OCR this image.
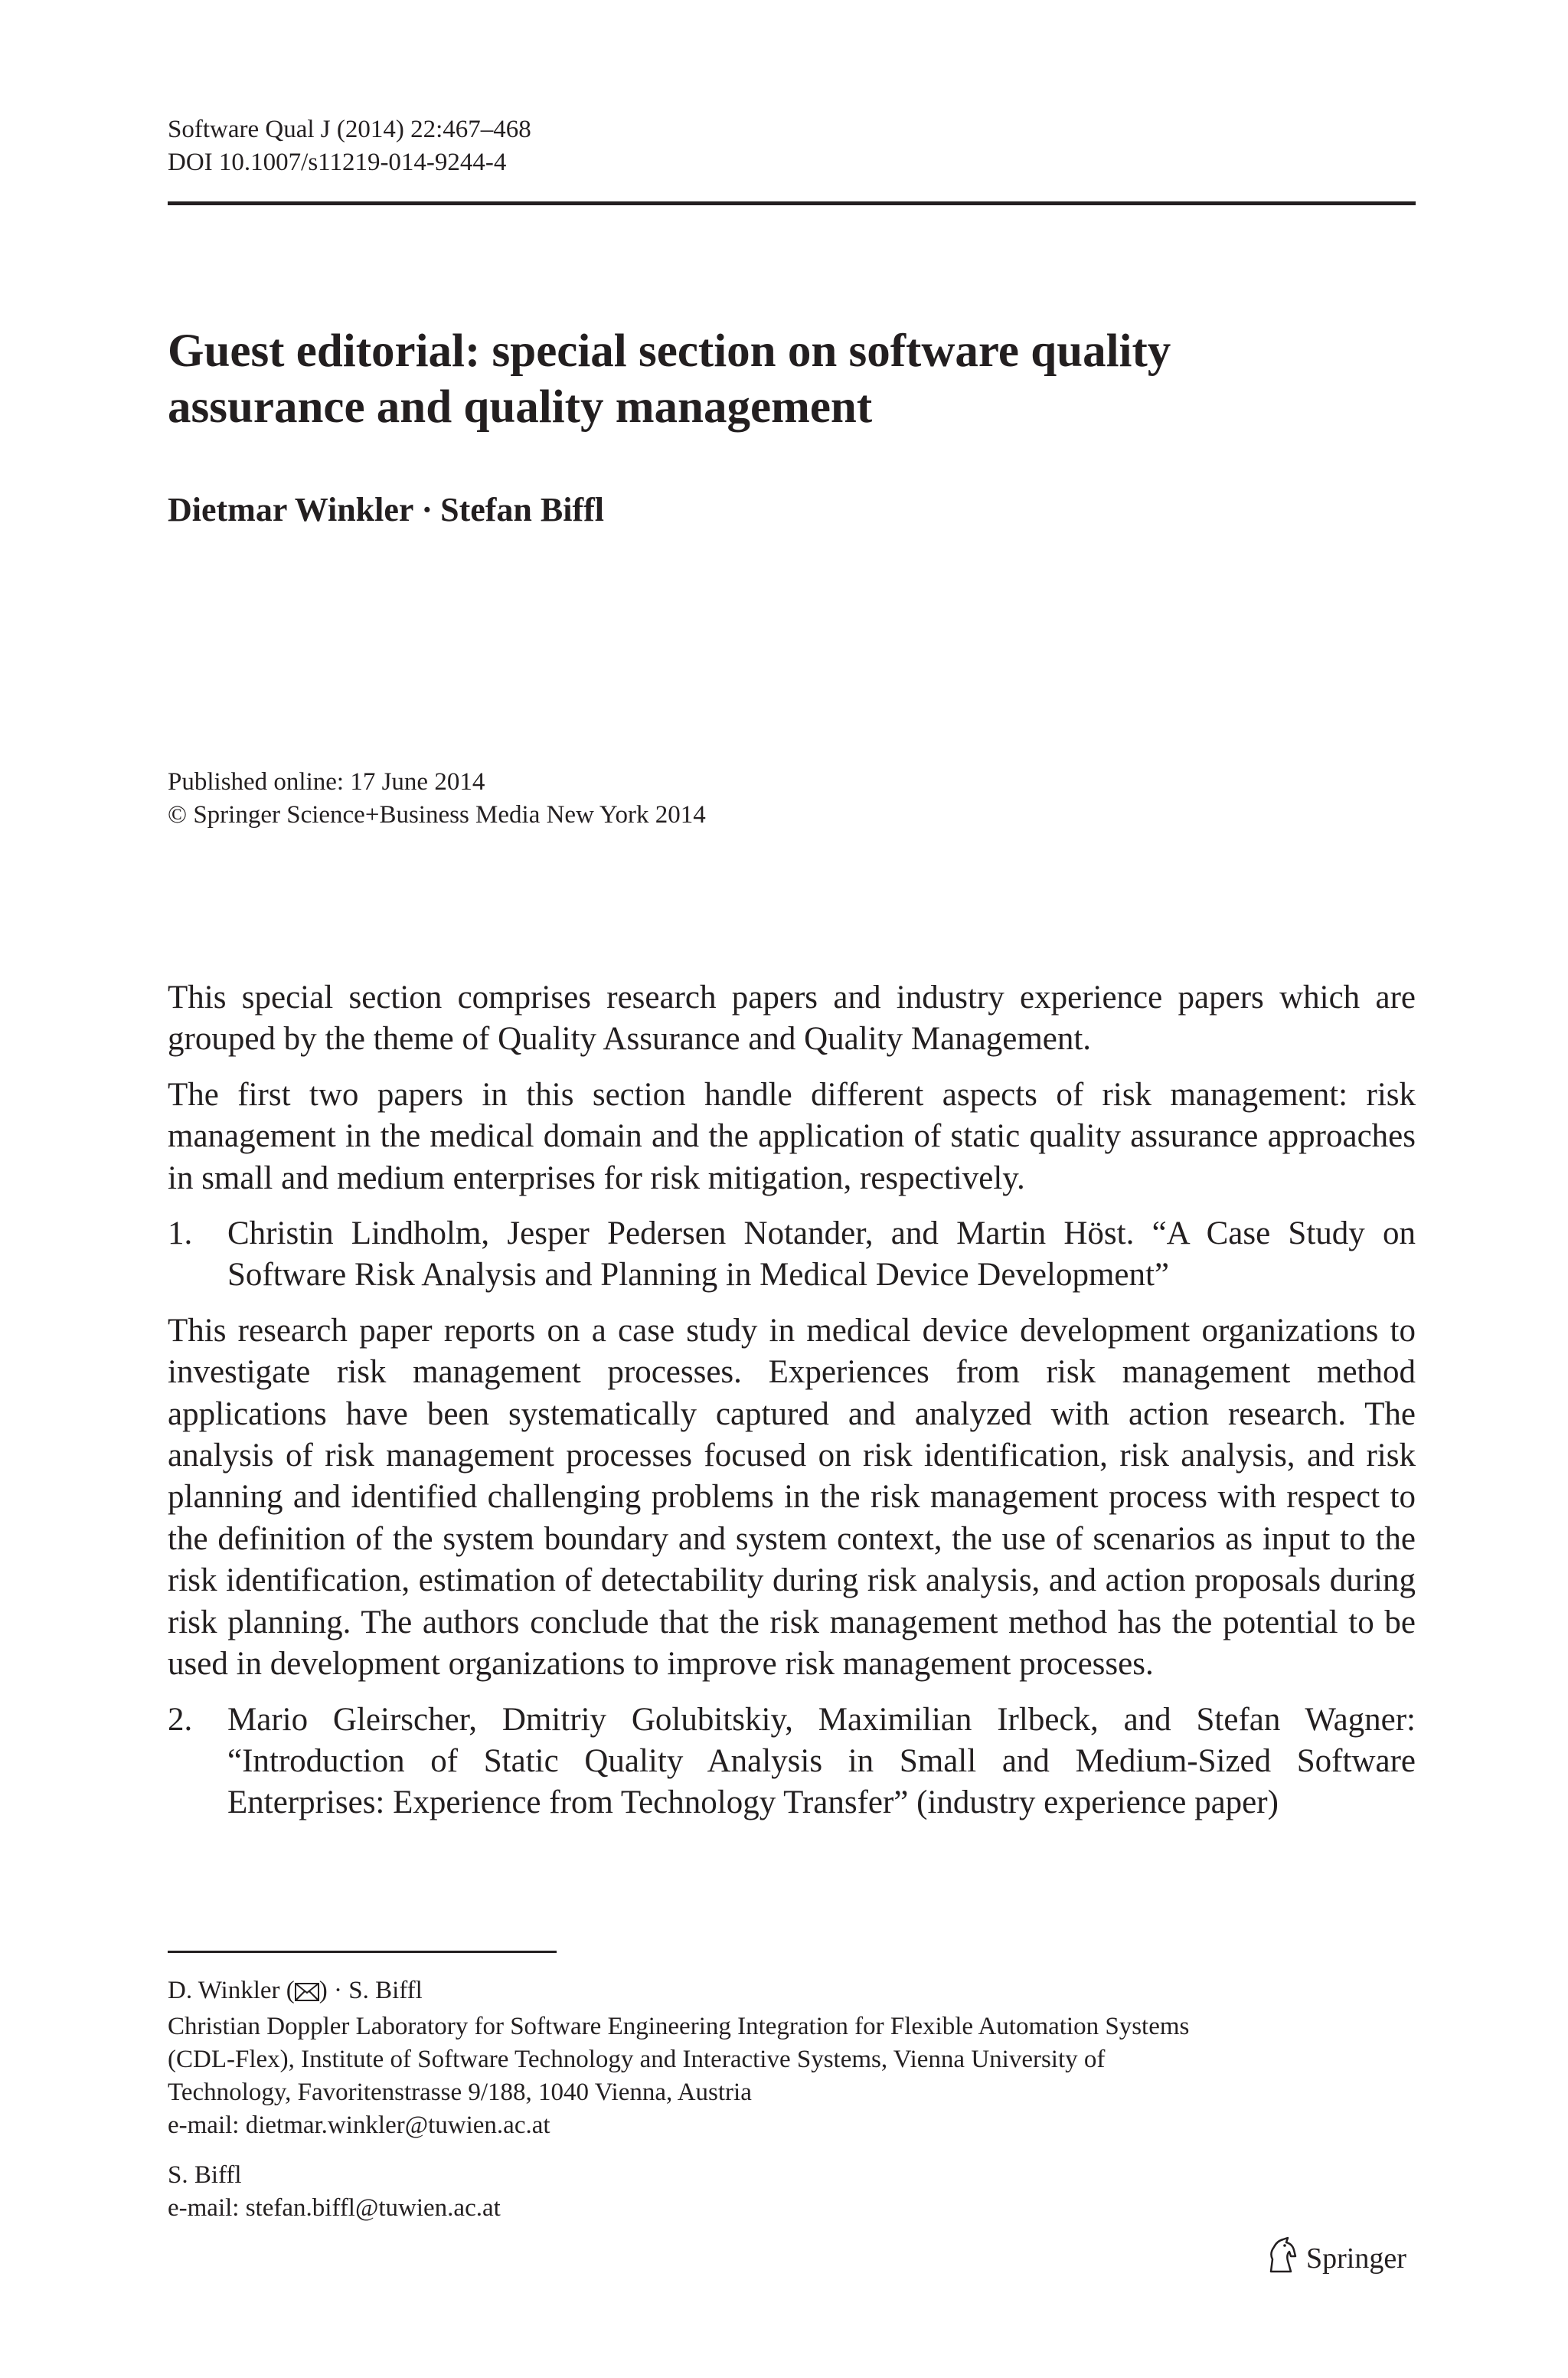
Software Qual J (2014) 22:467–468
DOI 10.1007/s11219-014-9244-4
Guest editorial: special section on software quality
assurance and quality management
Dietmar Winkler · Stefan Biffl
Published online: 17 June 2014
© Springer Science+Business Media New York 2014

This special section comprises research papers and industry experience papers which are grouped by the theme of Quality Assurance and Quality Management.

The first two papers in this section handle different aspects of risk management: risk management in the medical domain and the application of static quality assurance approaches in small and medium enterprises for risk mitigation, respectively.

1. Christin Lindholm, Jesper Pedersen Notander, and Martin Höst. “A Case Study on Software Risk Analysis and Planning in Medical Device Development”

This research paper reports on a case study in medical device development organizations to investigate risk management processes. Experiences from risk management method applications have been systematically captured and analyzed with action research. The analysis of risk management processes focused on risk identification, risk analysis, and risk planning and identified challenging problems in the risk management process with respect to the definition of the system boundary and system context, the use of scenarios as input to the risk identification, estimation of detectability during risk analysis, and action proposals during risk planning. The authors conclude that the risk management method has the potential to be used in development organizations to improve risk management processes.

2. Mario Gleirscher, Dmitriy Golubitskiy, Maximilian Irlbeck, and Stefan Wagner: “Introduction of Static Quality Analysis in Small and Medium-Sized Software Enterprises: Experience from Technology Transfer” (industry experience paper)
D. Winkler ( ) · S. Biffl
Christian Doppler Laboratory for Software Engineering Integration for Flexible Automation Systems
(CDL-Flex), Institute of Software Technology and Interactive Systems, Vienna University of
Technology, Favoritenstrasse 9/188, 1040 Vienna, Austria
e-mail: dietmar.winkler@tuwien.ac.at
S. Biffl
e-mail: stefan.biffl@tuwien.ac.at
Springer
